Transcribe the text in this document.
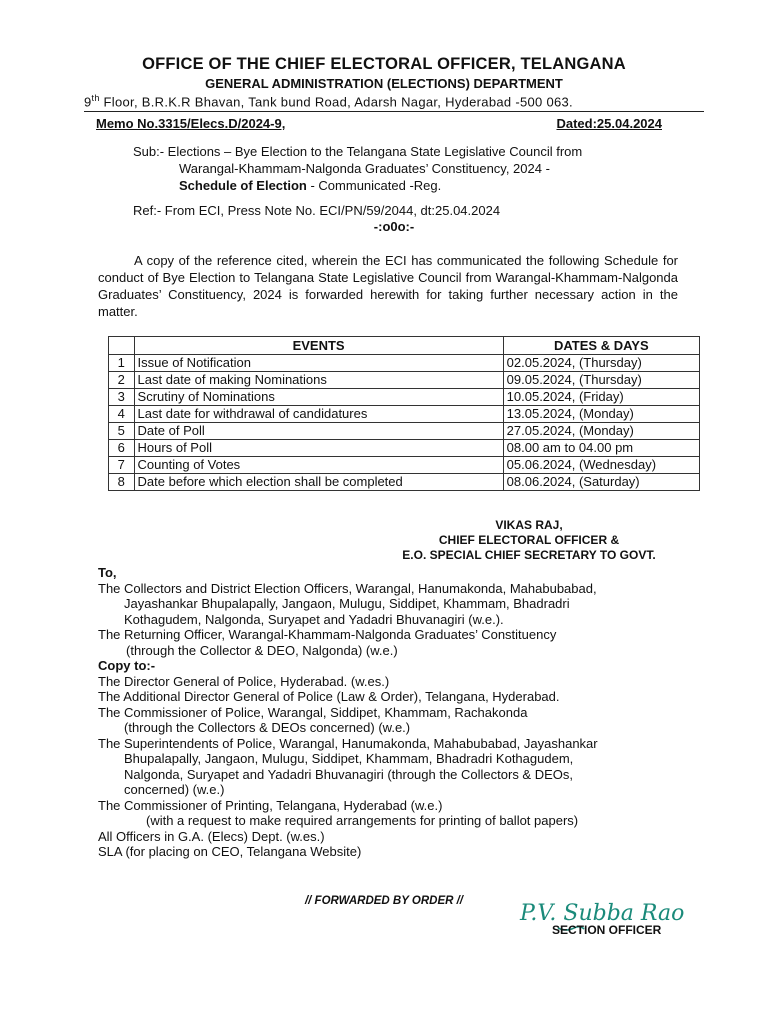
OFFICE OF THE CHIEF ELECTORAL OFFICER, TELANGANA
GENERAL ADMINISTRATION (ELECTIONS) DEPARTMENT
9th Floor, B.R.K.R Bhavan, Tank bund Road, Adarsh Nagar, Hyderabad -500 063.
Memo No.3315/Elecs.D/2024-9,	Dated:25.04.2024
Sub:- Elections – Bye Election to the Telangana State Legislative Council from
Warangal-Khammam-Nalgonda Graduates’ Constituency, 2024 -
Schedule of Election - Communicated -Reg.
Ref:- From ECI, Press Note No. ECI/PN/59/2044, dt:25.04.2024
-:o0o:-
A copy of the reference cited, wherein the ECI has communicated the following Schedule for conduct of Bye Election to Telangana State Legislative Council from Warangal-Khammam-Nalgonda Graduates’ Constituency, 2024 is forwarded herewith for taking further necessary action in the matter.
	EVENTS	DATES & DAYS
1	Issue of Notification	02.05.2024, (Thursday)
2	Last date of making Nominations	09.05.2024, (Thursday)
3	Scrutiny of Nominations	10.05.2024, (Friday)
4	Last date for withdrawal of candidatures	13.05.2024, (Monday)
5	Date of Poll	27.05.2024, (Monday)
6	Hours of Poll	08.00 am to 04.00 pm
7	Counting of Votes	05.06.2024, (Wednesday)
8	Date before which election shall be completed	08.06.2024, (Saturday)
VIKAS RAJ,
CHIEF ELECTORAL OFFICER &
E.O. SPECIAL CHIEF SECRETARY TO GOVT.
To,
The Collectors and District Election Officers, Warangal, Hanumakonda, Mahabubabad,
Jayashankar Bhupalapally, Jangaon, Mulugu, Siddipet, Khammam, Bhadradri
Kothagudem, Nalgonda, Suryapet and Yadadri Bhuvanagiri (w.e.).
The Returning Officer, Warangal-Khammam-Nalgonda Graduates’ Constituency
(through the Collector & DEO, Nalgonda) (w.e.)
Copy to:-
The Director General of Police, Hyderabad. (w.es.)
The Additional Director General of Police (Law & Order), Telangana, Hyderabad.
The Commissioner of Police, Warangal, Siddipet, Khammam, Rachakonda
(through the Collectors & DEOs concerned) (w.e.)
The Superintendents of Police, Warangal, Hanumakonda, Mahabubabad, Jayashankar
Bhupalapally, Jangaon, Mulugu, Siddipet, Khammam, Bhadradri Kothagudem,
Nalgonda, Suryapet and Yadadri Bhuvanagiri (through the Collectors & DEOs,
concerned) (w.e.)
The Commissioner of Printing, Telangana, Hyderabad (w.e.)
(with a request to make required arrangements for printing of ballot papers)
All Officers in G.A. (Elecs) Dept. (w.es.)
SLA (for placing on CEO, Telangana Website)
// FORWARDED BY ORDER //	P.V. Subba Rao
SECTION OFFICER
